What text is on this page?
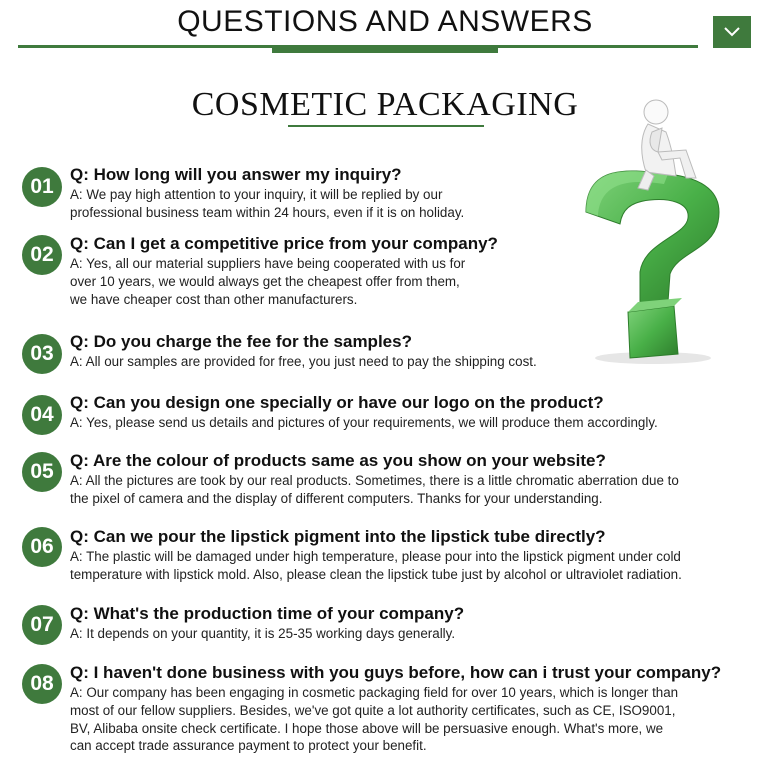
QUESTIONS AND ANSWERS
COSMETIC PACKAGING
01
Q: How long will you answer my inquiry?
A: We pay high attention to your inquiry, it will be replied by our
professional business team within 24 hours, even if it is on holiday.
02 Q: Can I get a competitive price from your company?
A: Yes, all our material suppliers have being cooperated with us for
over 10 years, we would always get the cheapest offer from them,
we have cheaper cost than other manufacturers.
03
Q: Do you charge the fee for the samples?
A: All our samples are provided for free, you just need to pay the shipping cost.
04
Q: Can you design one specially or have our logo on the product?
A: Yes, please send us details and pictures of your requirements, we will produce them accordingly.
05 Q: Are the colour of products same as you show on your website?
A: All the pictures are took by our real products. Sometimes, there is a little chromatic aberration due to
the pixel of camera and the display of different computers. Thanks for your understanding.
06 Q: Can we pour the lipstick pigment into the lipstick tube directly?
A: The plastic will be damaged under high temperature, please pour into the lipstick pigment under cold
temperature with lipstick mold. Also, please clean the lipstick tube just by alcohol or ultraviolet radiation.
07 Q: What's the production time of your company?
A: It depends on your quantity, it is 25-35 working days generally.
08 Q: I haven't done business with you guys before, how can i trust your company?
A: Our company has been engaging in cosmetic packaging field for over 10 years, which is longer than
most of our fellow suppliers. Besides, we've got quite a lot authority certificates, such as CE, ISO9001,
BV, Alibaba onsite check certificate. I hope those above will be persuasive enough. What's more, we
can accept trade assurance payment to protect your benefit.
